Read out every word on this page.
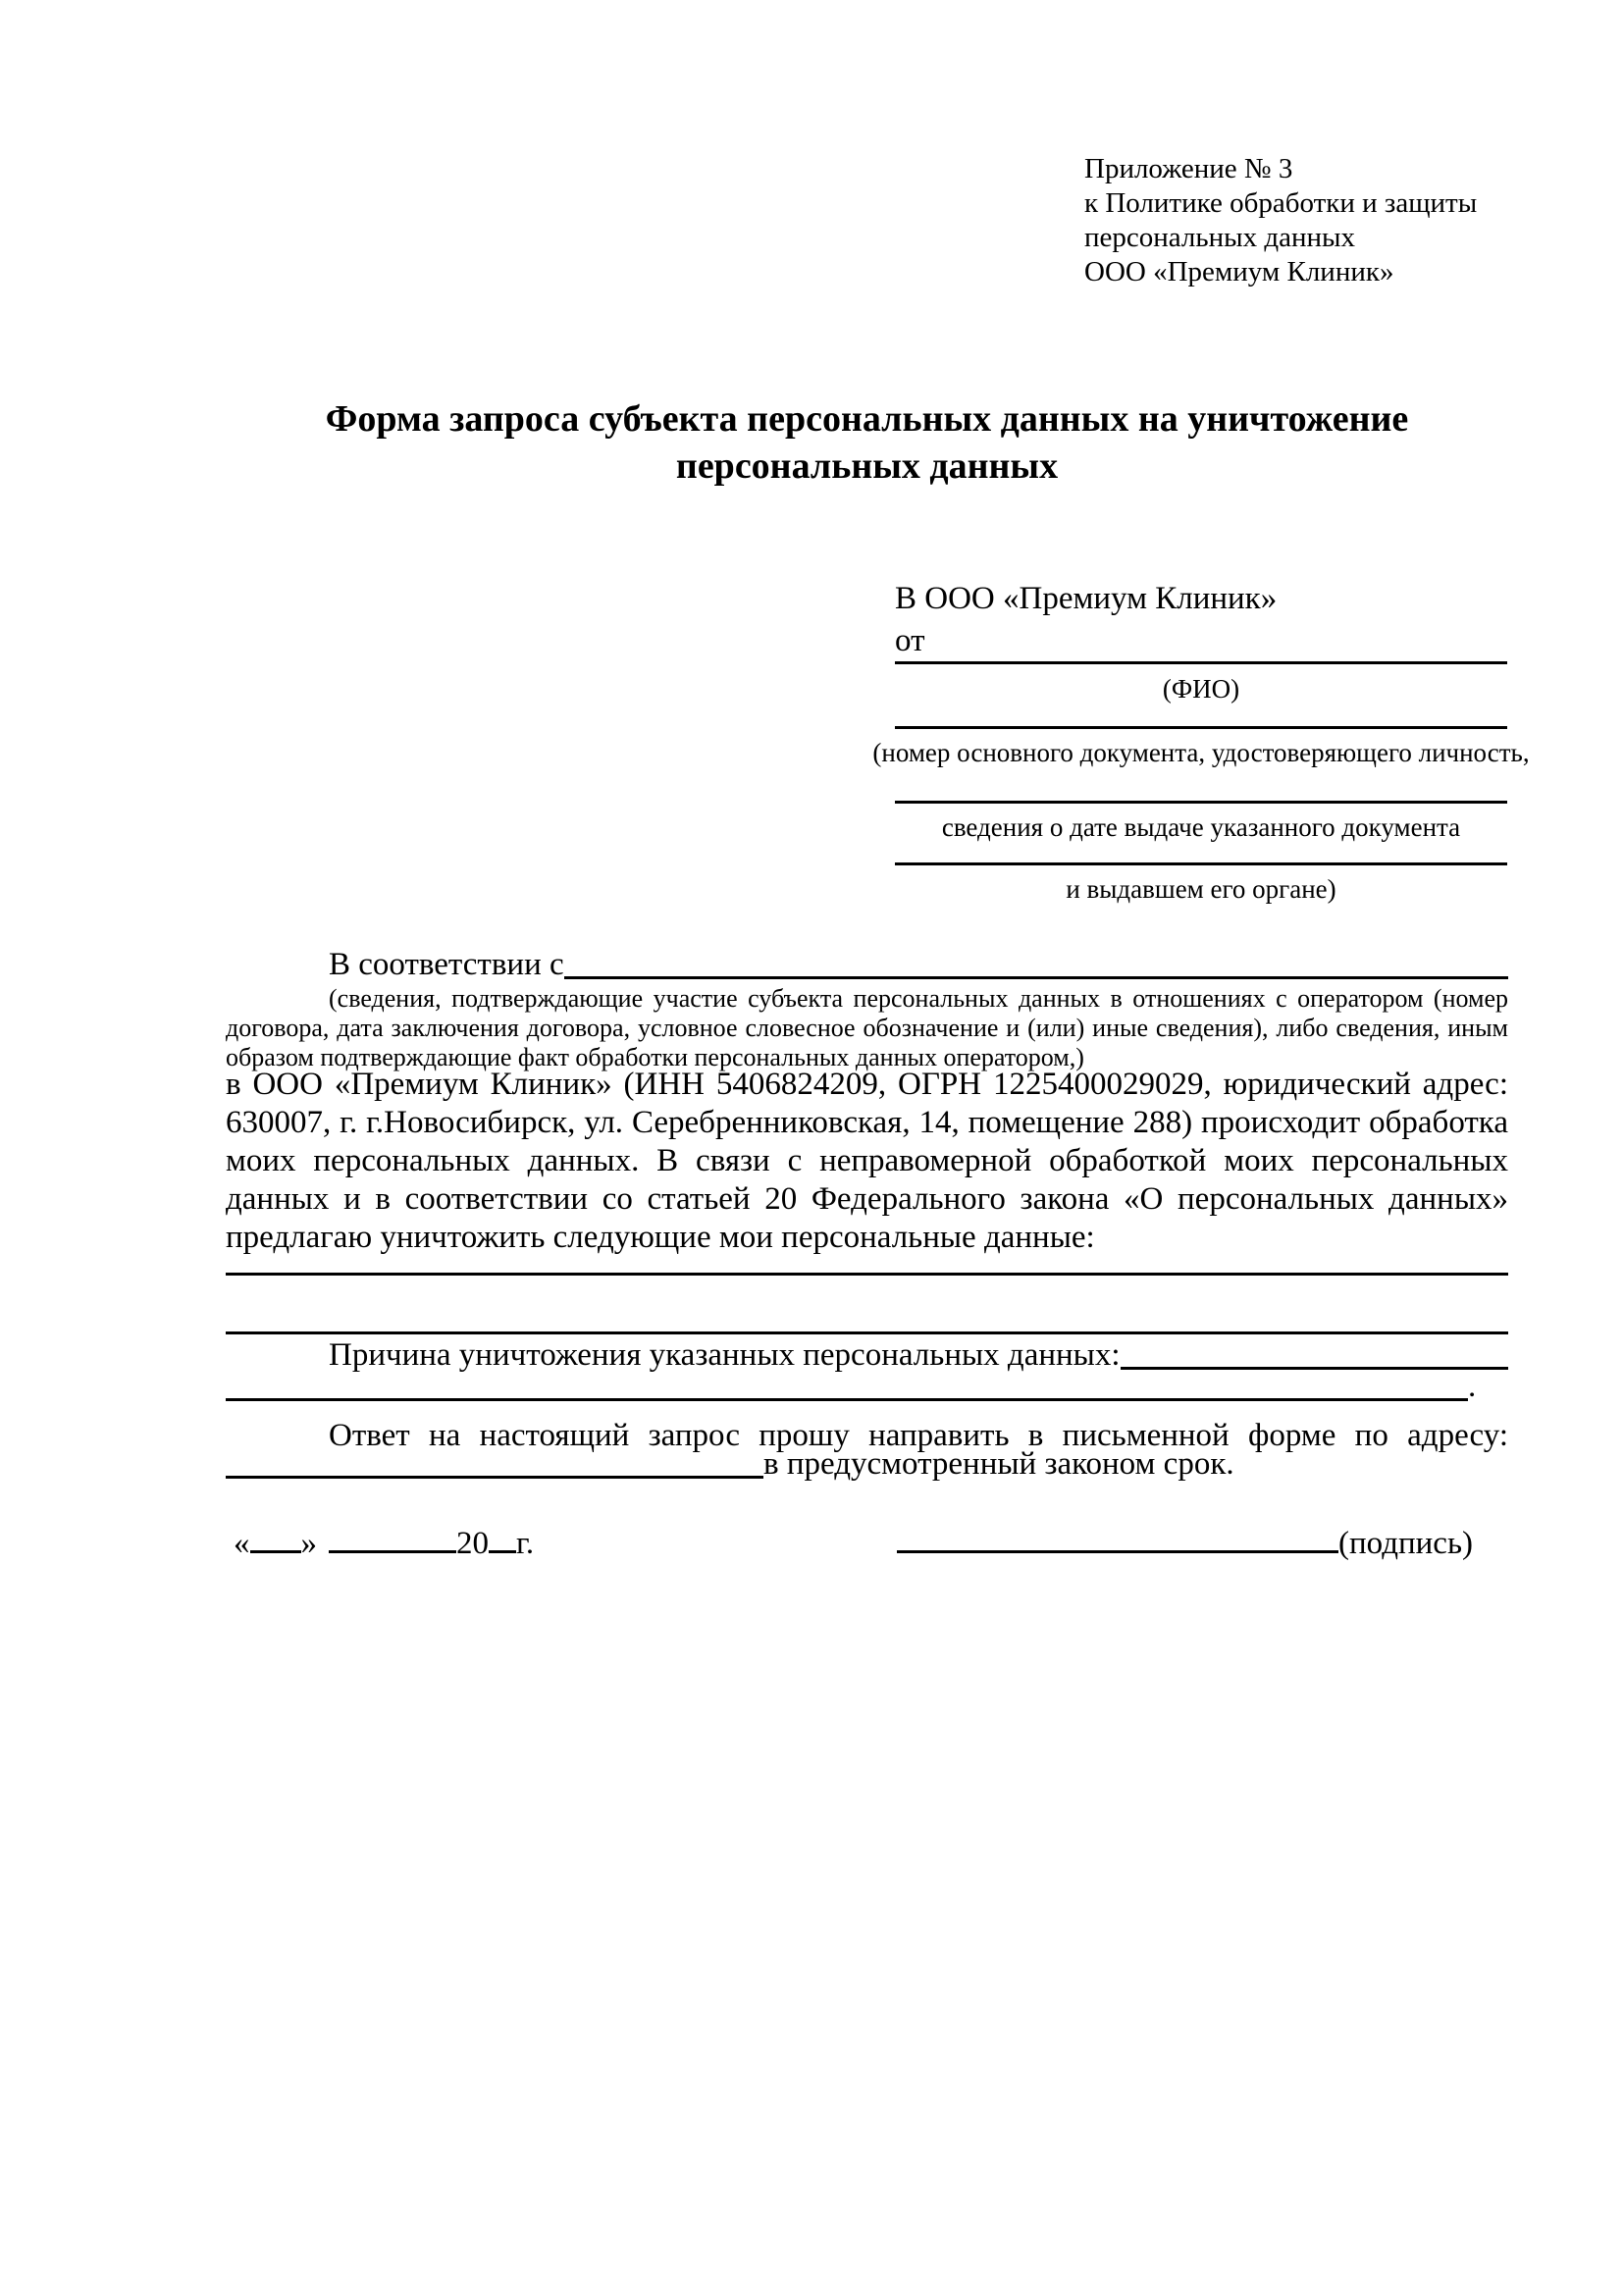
Приложение № 3
к Политике обработки и защиты
персональных данных
ООО «Премиум Клиник»
Форма запроса субъекта персональных данных на уничтожение персональных данных
В ООО «Премиум Клиник»
от
(ФИО)
(номер основного документа, удостоверяющего личность,
сведения о дате выдаче указанного документа
и выдавшем его органе)
В соответствии с
(сведения, подтверждающие участие субъекта персональных данных в отношениях с оператором (номер договора, дата заключения договора, условное словесное обозначение и (или) иные сведения), либо сведения, иным образом подтверждающие факт обработки персональных данных оператором,)
в ООО «Премиум Клиник» (ИНН 5406824209, ОГРН 1225400029029, юридический адрес: 630007, г. г.Новосибирск, ул. Серебренниковская, 14, помещение 288) происходит обработка моих персональных данных. В связи с неправомерной обработкой моих персональных данных и в соответствии со статьей 20 Федерального закона «О персональных данных» предлагаю уничтожить следующие мои персональные данные:
Причина уничтожения указанных персональных данных:
.
Ответ на настоящий запрос прошу направить в письменной форме по адресу:
в предусмотренный законом срок.
« »	20 г.	(подпись)
